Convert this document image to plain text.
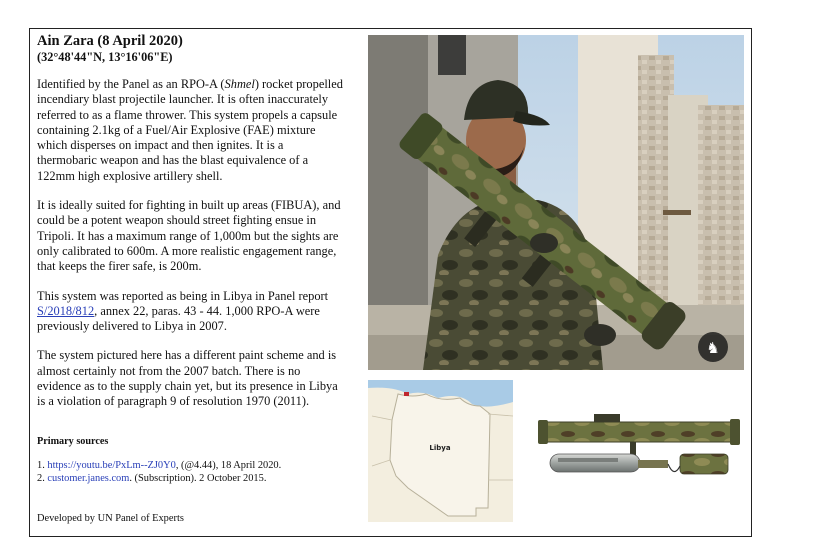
Ain Zara (8 April 2020)

(32°48'44"N, 13°16'06"E)

Identified by the Panel as an RPO-A (Shmel) rocket propelled incendiary blast projectile launcher. It is often inaccurately referred to as a flame thrower. This system propels a capsule containing 2.1kg of a Fuel/Air Explosive (FAE) mixture which disperses on impact and then ignites. It is a thermobaric weapon and has the blast equivalence of a 122mm high explosive artillery shell.

It is ideally suited for fighting in built up areas (FIBUA), and could be a potent weapon should street fighting ensue in Tripoli. It has a maximum range of 1,000m but the sights are only calibrated to 600m. A more realistic engagement range, that keeps the firer safe, is 200m.

This system was reported as being in Libya in Panel report S/2018/812, annex 22, paras. 43 - 44. 1,000 RPO-A were previously delivered to Libya in 2007.

The system pictured here has a different paint scheme and is almost certainly not from the 2007 batch. There is no evidence as to the supply chain yet, but its presence in Libya is a violation of paragraph 9 of resolution 1970 (2011).

Primary sources

1. https://youtu.be/PxLm--ZJ0Y0, (@4.44), 18 April 2020.

2. customer.janes.com. (Subscription). 2 October 2015.

Developed by UN Panel of Experts
♞
Libya
